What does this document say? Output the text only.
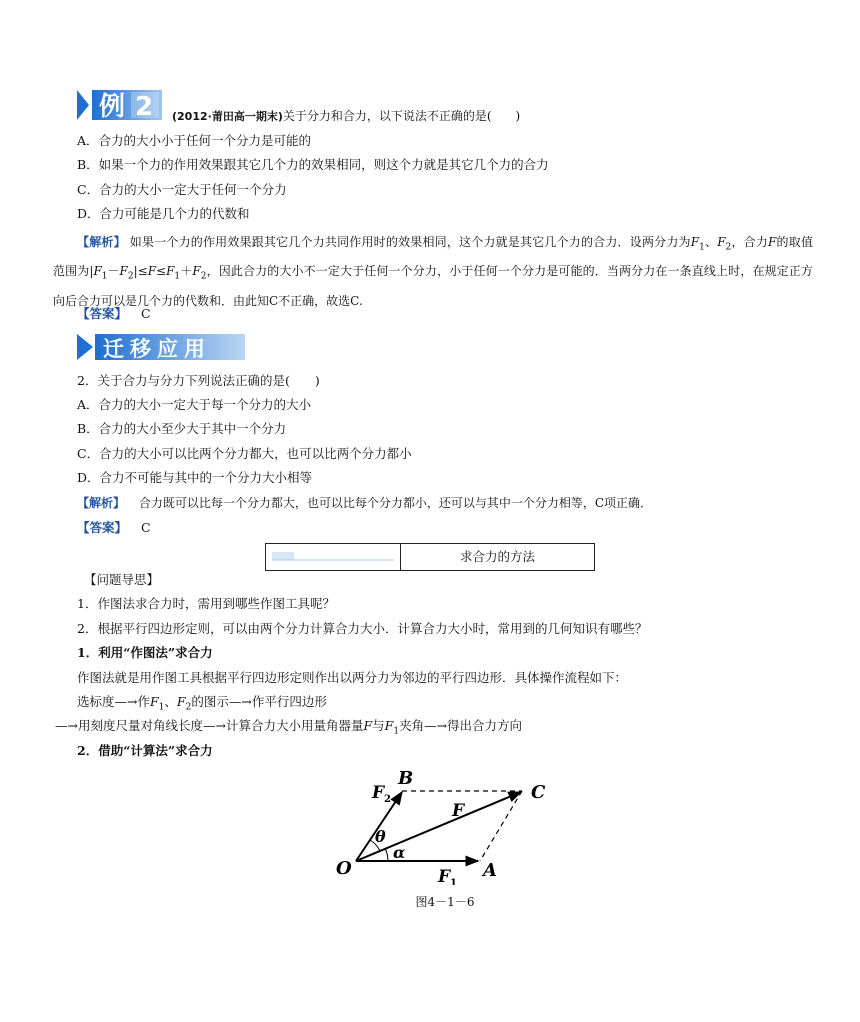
例 2 (2012·莆田高一期末)关于分力和合力，以下说法不正确的是(　　)
A．合力的大小小于任何一个分力是可能的
B．如果一个力的作用效果跟其它几个力的效果相同，则这个力就是其它几个力的合力
C．合力的大小一定大于任何一个分力
D．合力可能是几个力的代数和
【解析】 如果一个力的作用效果跟其它几个力共同作用时的效果相同，这个力就是其它几个力的合力．设两分力为$F_1$、$F_2$，合力F的取值范围为$|F_1-F_2|\le F\le F_1+F_2$，因此合力的大小不一定大于任何一个分力，小于任何一个分力是可能的．当两分力在一条直线上时，在规定正方向后合力可以是几个力的代数和．由此知C不正确，故选C.
【答案】 C
迁移应用
2．关于合力与分力下列说法正确的是(　　)
A．合力的大小一定大于每一个分力的大小
B．合力的大小至少大于其中一个分力
C．合力的大小可以比两个分力都大，也可以比两个分力都小
D．合力不可能与其中的一个分力大小相等
【解析】 合力既可以比每一个分力都大，也可以比每个分力都小，还可以与其中一个分力相等，C项正确．
【答案】 C
求合力的方法
【问题导思】
1．作图法求合力时，需用到哪些作图工具呢？
2．根据平行四边形定则，可以由两个分力计算合力大小．计算合力大小时，常用到的几何知识有哪些？
1．利用“作图法”求合力
作图法就是用作图工具根据平行四边形定则作出以两分力为邻边的平行四边形．具体操作流程如下：
选标度—→作$F_1$、$F_2$的图示—→作平行四边形
—→用刻度尺量对角线长度—→计算合力大小用量角器量F与$F_1$夹角—→得出合力方向
2．借助“计算法”求合力
O	A
B
C
F
F 1
F 2
θ
α
图4－1－6
